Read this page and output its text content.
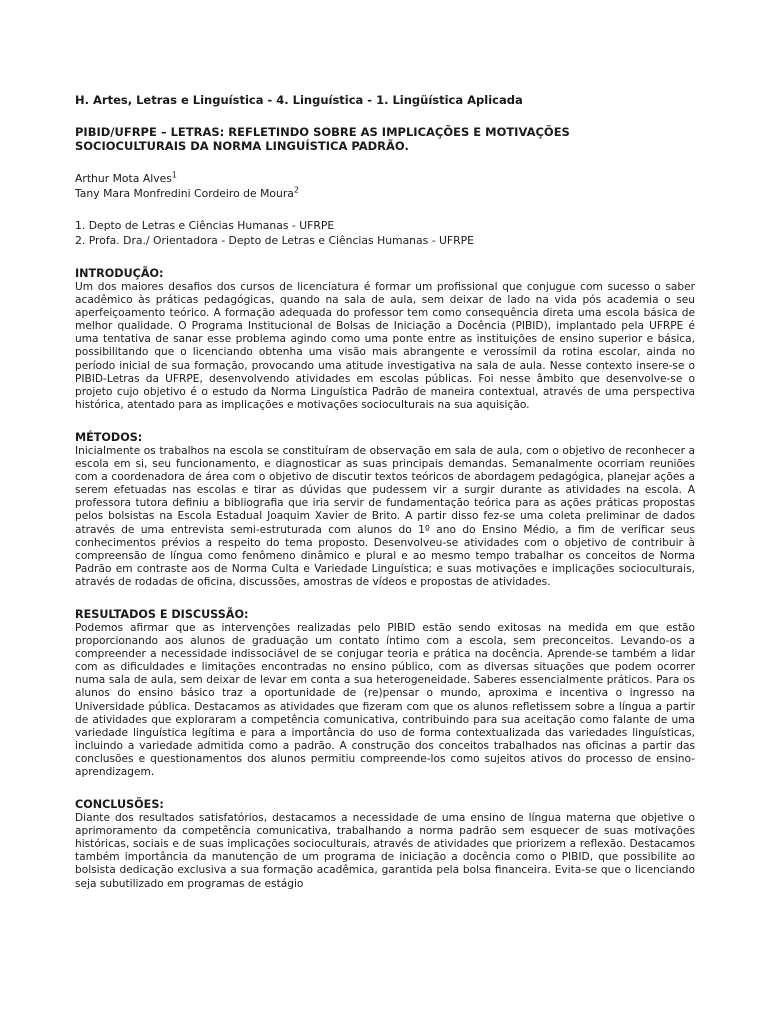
H. Artes, Letras e Linguística - 4. Linguística - 1. Lingüística Aplicada

PIBID/UFRPE – LETRAS: REFLETINDO SOBRE AS IMPLICAÇÕES E MOTIVAÇÕES
SOCIOCULTURAIS DA NORMA LINGUÍSTICA PADRÃO.

Arthur Mota Alves$^1$
Tany Mara Monfredini Cordeiro de Moura$^2$
1. Depto de Letras e Ciências Humanas - UFRPE
2. Profa. Dra./ Orientadora - Depto de Letras e Ciências Humanas - UFRPE

INTRODUÇÃO:

Um dos maiores desafios dos cursos de licenciatura é formar um profissional que conjugue com sucesso o saber acadêmico às práticas pedagógicas, quando na sala de aula, sem deixar de lado na vida pós academia o seu aperfeiçoamento teórico. A formação adequada do professor tem como consequência direta uma escola básica de melhor qualidade. O Programa Institucional de Bolsas de Iniciação a Docência (PIBID), implantado pela UFRPE é uma tentativa de sanar esse problema agindo como uma ponte entre as instituições de ensino superior e básica, possibilitando que o licenciando obtenha uma visão mais abrangente e verossímil da rotina escolar, ainda no período inicial de sua formação, provocando uma atitude investigativa na sala de aula. Nesse contexto insere-se o PIBID-Letras da UFRPE, desenvolvendo atividades em escolas públicas. Foi nesse âmbito que desenvolve-se o projeto cujo objetivo é o estudo da Norma Linguística Padrão de maneira contextual, através de uma perspectiva histórica, atentado para as implicações e motivações socioculturais na sua aquisição.

MÉTODOS:

Inicialmente os trabalhos na escola se constituíram de observação em sala de aula, com o objetivo de reconhecer a escola em si, seu funcionamento, e diagnosticar as suas principais demandas. Semanalmente ocorriam reuniões com a coordenadora de área com o objetivo de discutir textos teóricos de abordagem pedagógica, planejar ações a serem efetuadas nas escolas e tirar as dúvidas que pudessem vir a surgir durante as atividades na escola. A professora tutora definiu a bibliografia que iria servir de fundamentação teórica para as ações práticas propostas pelos bolsistas na Escola Estadual Joaquim Xavier de Brito. A partir disso fez-se uma coleta preliminar de dados através de uma entrevista semi-estruturada com alunos do 1º ano do Ensino Médio, a fim de verificar seus conhecimentos prévios a respeito do tema proposto. Desenvolveu-se atividades com o objetivo de contribuir à compreensão de língua como fenômeno dinâmico e plural e ao mesmo tempo trabalhar os conceitos de Norma Padrão em contraste aos de Norma Culta e Variedade Linguística; e suas motivações e implicações socioculturais, através de rodadas de oficina, discussões, amostras de vídeos e propostas de atividades.

RESULTADOS E DISCUSSÃO:

Podemos afirmar que as intervenções realizadas pelo PIBID estão sendo exitosas na medida em que estão proporcionando aos alunos de graduação um contato íntimo com a escola, sem preconceitos. Levando-os a compreender a necessidade indissociável de se conjugar teoria e prática na docência. Aprende-se também a lidar com as dificuldades e limitações encontradas no ensino público, com as diversas situações que podem ocorrer numa sala de aula, sem deixar de levar em conta a sua heterogeneidade. Saberes essencialmente práticos. Para os alunos do ensino básico traz a oportunidade de (re)pensar o mundo, aproxima e incentiva o ingresso na Universidade pública. Destacamos as atividades que fizeram com que os alunos refletissem sobre a língua a partir de atividades que exploraram a competência comunicativa, contribuindo para sua aceitação como falante de uma variedade linguística legítima e para a importância do uso de forma contextualizada das variedades linguísticas, incluindo a variedade admitida como a padrão. A construção dos conceitos trabalhados nas oficinas a partir das conclusões e questionamentos dos alunos permitiu compreende-los como sujeitos ativos do processo de ensino-aprendizagem.

CONCLUSÕES:

Diante dos resultados satisfatórios, destacamos a necessidade de uma ensino de língua materna que objetive o aprimoramento da competência comunicativa, trabalhando a norma padrão sem esquecer de suas motivações históricas, sociais e de suas implicações socioculturais, através de atividades que priorizem a reflexão. Destacamos também importância da manutenção de um programa de iniciação a docência como o PIBID, que possibilite ao bolsista dedicação exclusiva a sua formação acadêmica, garantida pela bolsa financeira. Evita-se que o licenciando seja subutilizado em programas de estágio
